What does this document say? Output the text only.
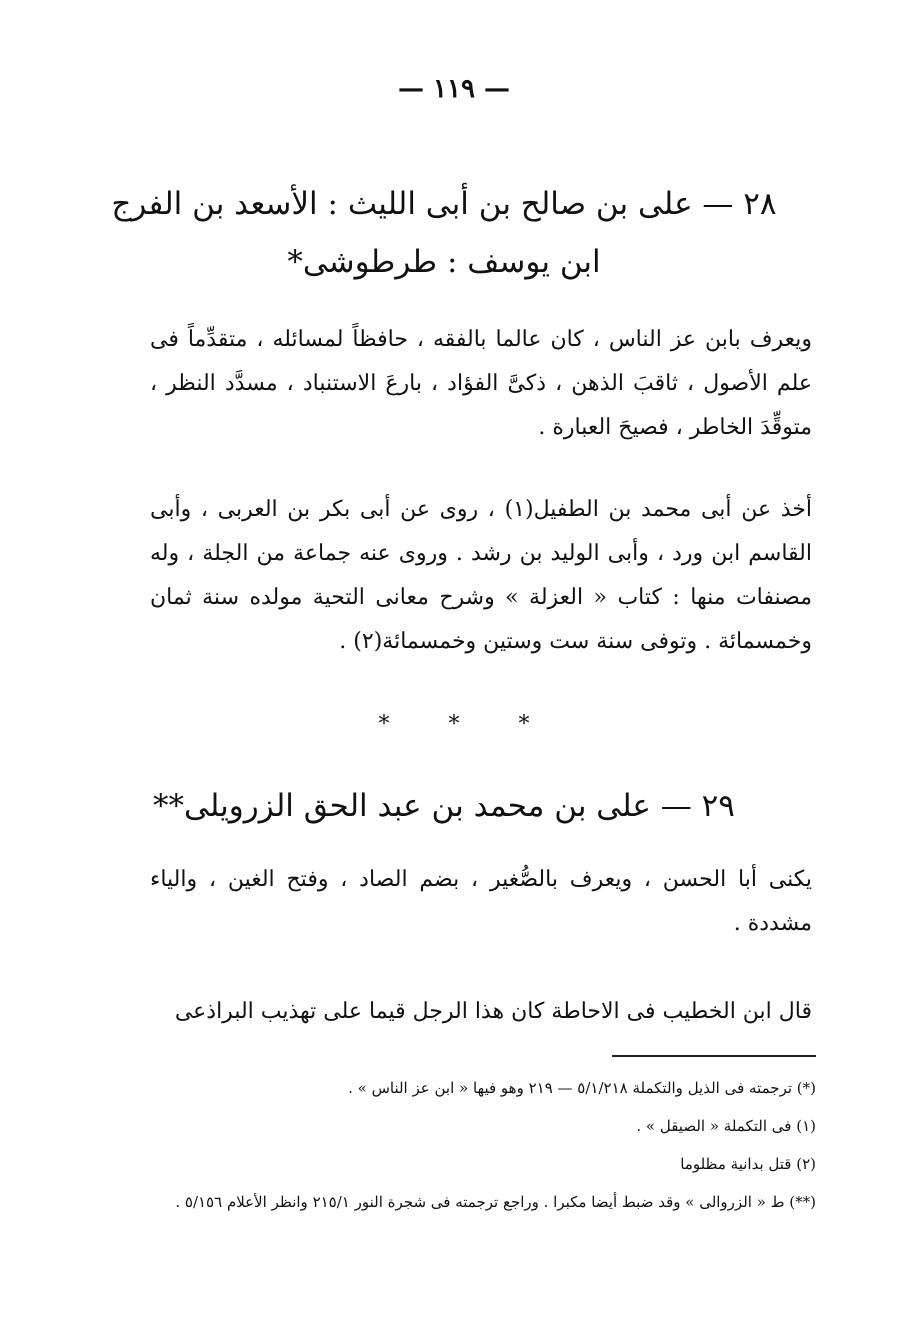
— ١١٩ —
٢٨ — على بن صالح بن أبى الليث : الأسعد بن الفرج
ابن يوسف : طرطوشى*
ويعرف بابن عز الناس ، كان عالما بالفقه ، حافظاً لمسائله ، متقدِّماً فى علم الأصول ، ثاقبَ الذهن ، ذكىَّ الفؤاد ، بارعَ الاستنباد ، مسدَّد النظر ، متوقِّدَ الخاطر ، فصيحَ العبارة .
أخذ عن أبى محمد بن الطفيل(١) ، روى عن أبى بكر بن العربى ، وأبى القاسم ابن ورد ، وأبى الوليد بن رشد . وروى عنه جماعة من الجلة ، وله مصنفات منها : كتاب « العزلة » وشرح معانى التحية مولده سنة ثمان وخمسمائة . وتوفى سنة ست وستين وخمسمائة(٢) .
* * *
٢٩ — على بن محمد بن عبد الحق الزرويلى**
يكنى أبا الحسن ، ويعرف بالصُّغير ، بضم الصاد ، وفتح الغين ، والياء مشددة .
قال ابن الخطيب فى الاحاطة كان هذا الرجل قيما على تهذيب البراذعى
(*) ترجمته فى الذيل والتكملة ٥/١/٢١٨ — ٢١٩ وهو فيها « ابن عز الناس » .
(١) فى التكملة « الصيقل » .
(٢) قتل بدانية مظلوما
(**) ط « الزروالى » وقد ضبط أيضا مكبرا . وراجع ترجمته فى شجرة النور ٢١٥/١ وانظر الأعلام ٥/١٥٦ .
